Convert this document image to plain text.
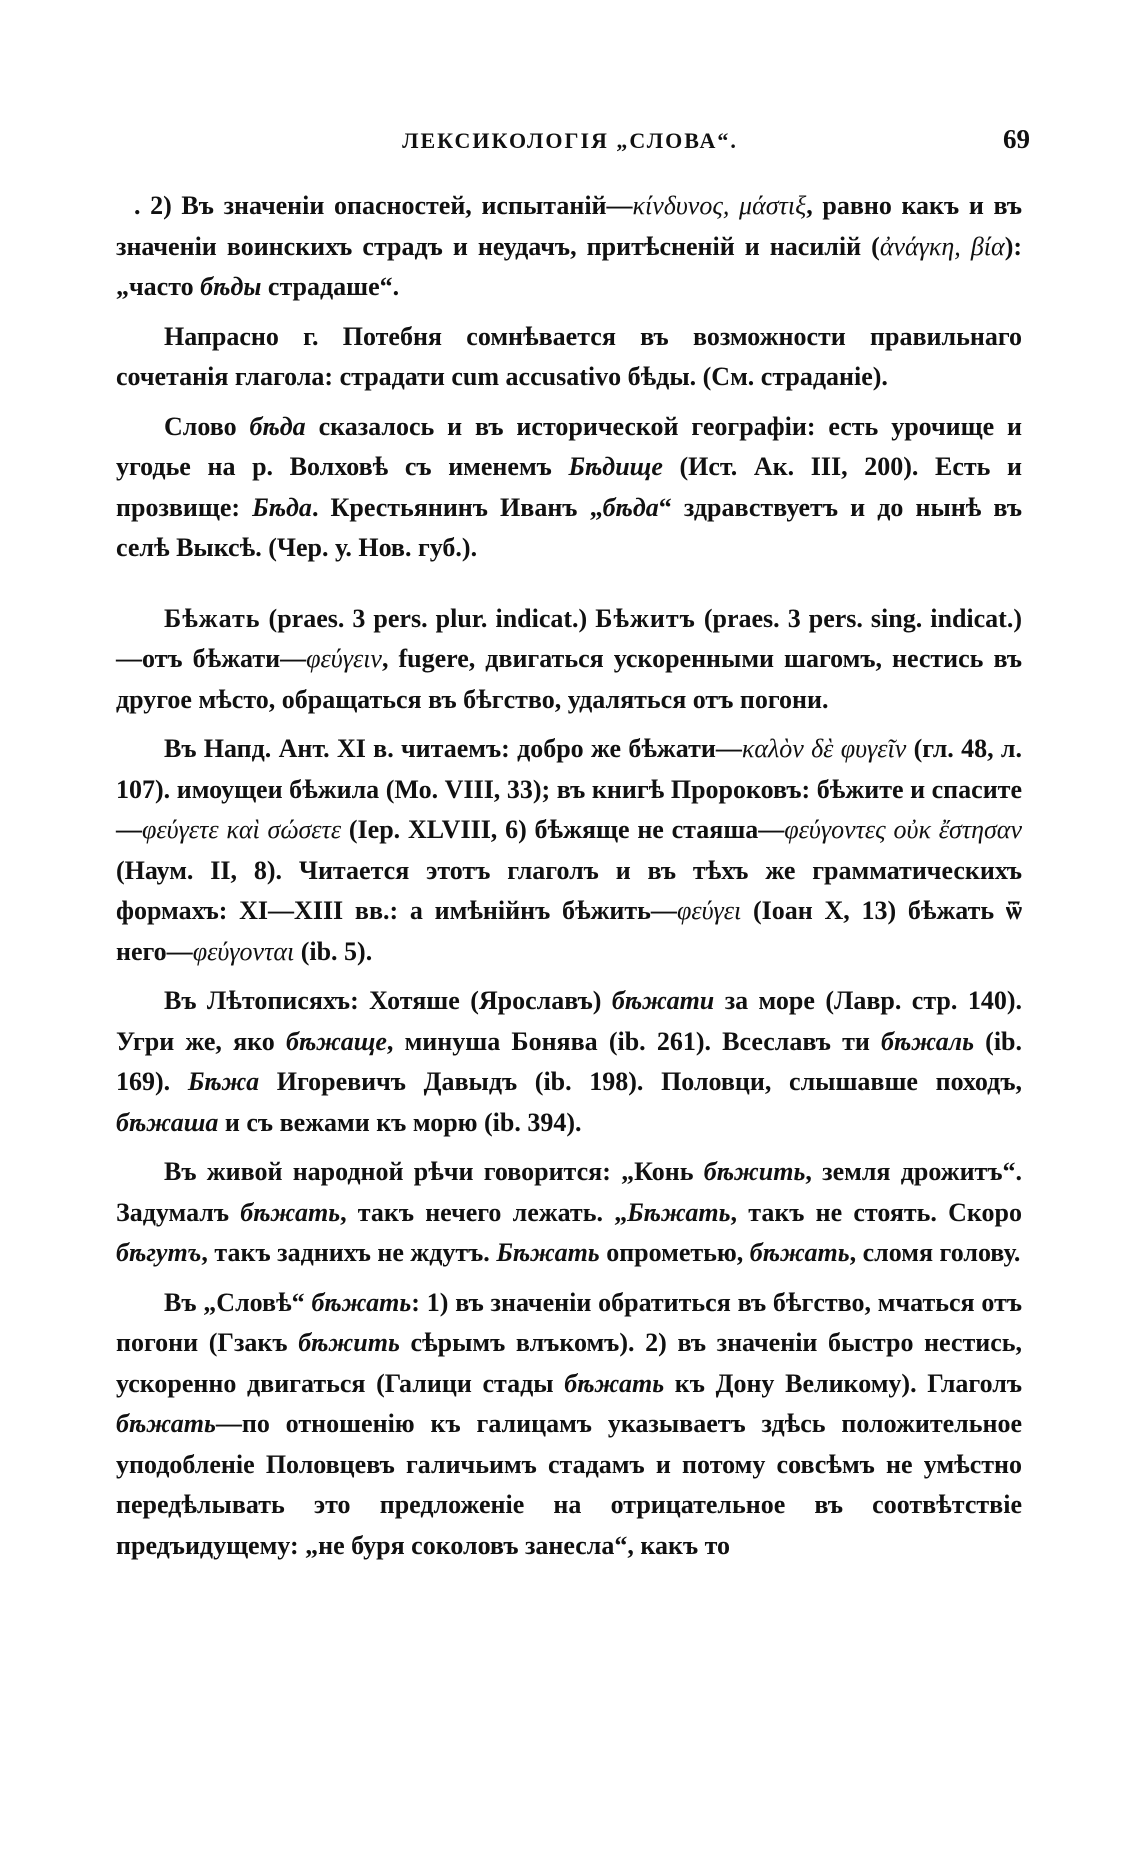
ЛЕКСИКОЛОГІЯ „СЛОВА“.	69

. 2) Въ значеніи опасностей, испытаній—κίνδυνος, μάστιξ, равно какъ и въ значеніи воинскихъ страдъ и неудачъ, притѣсненій и насилій (ἀνάγκη, βία): „часто бѣды страдаше“.

Напрасно г. Потебня сомнѣвается въ возможности правильнаго сочетанія глагола: страдати cum accusativo бѣды. (См. страданіе).

Слово бѣда сказалось и въ исторической географіи: есть урочище и угодье на р. Волховѣ съ именемъ Бѣдище (Ист. Ак. III, 200). Есть и прозвище: Бѣда. Крестьянинъ Иванъ „бѣда“ здравствуетъ и до нынѣ въ селѣ Выксѣ. (Чер. у. Нов. губ.).

Бѣжать (praes. 3 pers. plur. indicat.) Бѣжитъ (praes. 3 pers. sing. indicat.)—отъ бѣжати—φεύγειν, fugere, двигаться ускоренными шагомъ, нестись въ другое мѣсто, обращаться въ бѣгство, удаляться отъ погони.

Въ Напд. Ант. XI в. читаемъ: добро же бѣжати—καλὸν δὲ φυγεῖν (гл. 48, л. 107). имоущеи бѣжила (Мо. VIII, 33); въ книгѣ Пророковъ: бѣжите и спасите—φεύγετε καὶ σώσετε (Іер. XLVIII, 6) бѣжяще не стаяша—φεύγοντες οὐκ ἔστησαν (Наум. II, 8). Читается этотъ глаголъ и въ тѣхъ же грамматическихъ формахъ: XI—XIII вв.: а имѣнiйнъ бѣжить—φεύγει (Іоан X, 13) бѣжать ѿ него—φεύγονται (ib. 5).

Въ Лѣтописяхъ: Хотяше (Ярославъ) бѣжати за море (Лавр. стр. 140). Угри же, яко бѣжаще, минуша Бонява (ib. 261). Всеславъ ти бѣжаль (ib. 169). Бѣжа Игоревичъ Давыдъ (ib. 198). Половци, слышавше походъ, бѣжаша и съ вежами къ морю (ib. 394).

Въ живой народной рѣчи говорится: „Конь бѣжить, земля дрожитъ“. Задумалъ бѣжать, такъ нечего лежать. „Бѣжать, такъ не стоять. Скоро бѣгутъ, такъ заднихъ не ждутъ. Бѣжать опрометью, бѣжать, сломя голову.

Въ „Словѣ“ бѣжать: 1) въ значеніи обратиться въ бѣгство, мчаться отъ погони (Гзакъ бѣжить сѣрымъ влъкомъ). 2) въ значеніи быстро нестись, ускоренно двигаться (Галици стады бѣжать къ Дону Великому). Глаголъ бѣжать—по отношенію къ галицамъ указываетъ здѣсь положительное уподобленіе Половцевъ галичьимъ стадамъ и потому совсѣмъ не умѣстно передѣлывать это предложеніе на отрицательное въ соотвѣтствіе предъидущему: „не буря соколовъ занесла“, какъ то
